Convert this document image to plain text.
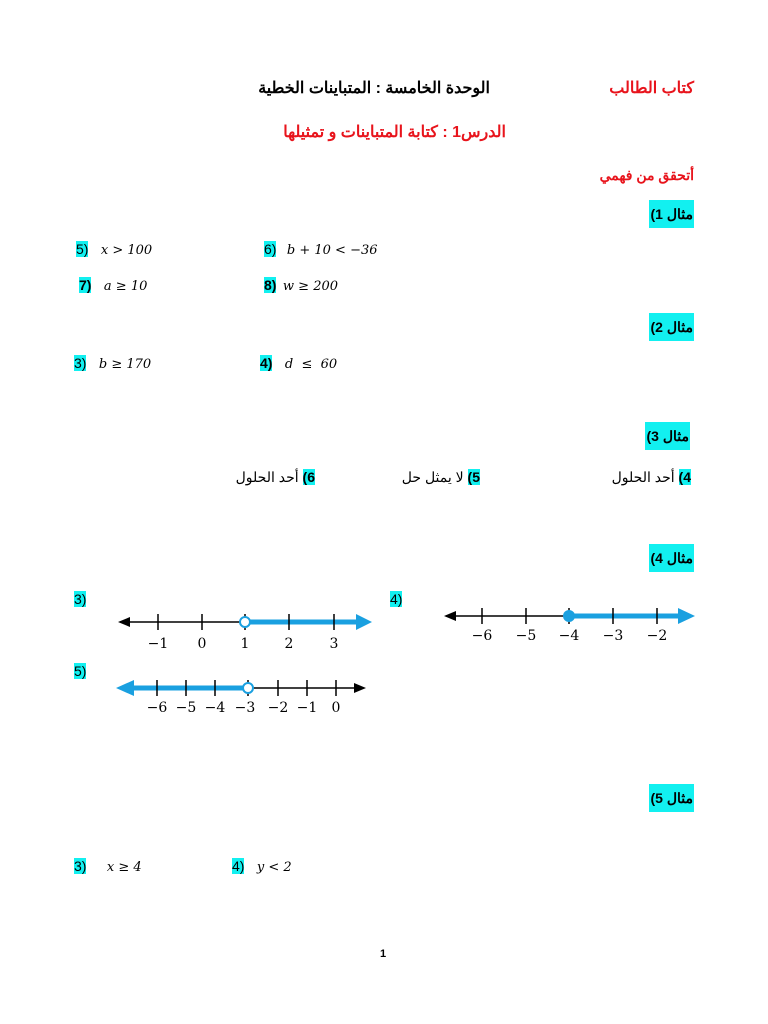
كتاب الطالب
الوحدة الخامسة : المتباينات الخطية
الدرس1 : كتابة المتباينات و تمثيلها
أتحقق من فهمي
مثال 1)
5) x > 100	6) b + 10 < −36
7) a ≥ 10	8) w ≥ 200
مثال 2)
3) b ≥ 170	4) d  ≤  60
مثال 3)
4) أحد الحلول
5) لا يمثل حل
6) أحد الحلول
مثال 4)
3)	4)
5)
−1 0 1	2	3	−6 −5 −4 −3 −2
−6 −5 −4 −3 −2 −1 0
مثال 5)
3) x ≥ 4	4) y < 2
1
